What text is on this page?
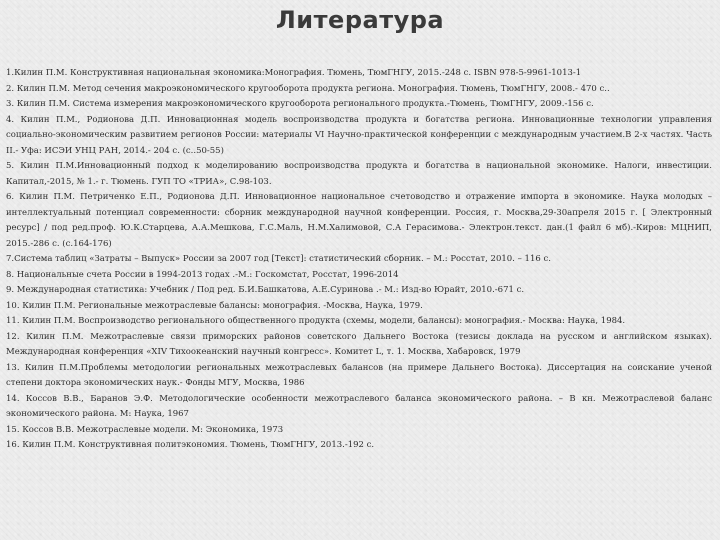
Литература

1.Килин П.М. Конструктивная национальная экономика:Монография. Тюмень, ТюмГНГУ, 2015.-248 с. ISBN 978-5-9961-1013-1

2. Килин П.М. Метод сечения макроэкономического кругооборота продукта региона. Монография. Тюмень, ТюмГНГУ, 2008.- 470 с..

3. Килин П.М. Система измерения макроэкономического кругооборота регионального продукта.-Тюмень, ТюмГНГУ, 2009.-156 с.

4. Килин П.М., Родионова Д.П. Инновационная модель воспроизводства продукта и богатства региона. Инновационные технологии управления социально-экономическим развитием регионов России: материалы VI Научно-практической конференции с международным участием.В 2-х частях. Часть II.- Уфа: ИСЭИ УНЦ РАН, 2014.- 204 с. (с..50-55)

5. Килин П.М.Инновационный подход к моделированию воспроизводства продукта и богатства в национальной экономике. Налоги, инвестиции. Капитал,-2015, № 1.- г. Тюмень. ГУП ТО «ТРИА», С.98-103.

6. Килин П.М. Петриченко Е.П., Родионова Д.П. Инновационное национальное счетоводство и отражение импорта в экономике. Наука молодых – интеллектуальный потенциал современности: сборник международной научной конференции. Россия, г. Москва,29-30апреля 2015 г. [ Электронный ресурс] / под ред.проф. Ю.К.Старцева, А.А.Мешкова, Г.С.Маль, Н.М.Халимовой, С.А Герасимова.- Электрон.текст. дан.(1 файл 6 мб).-Киров: МЦНИП, 2015.-286 с. (с.164-176)

7.Система таблиц «Затраты – Выпуск» России за 2007 год [Текст]: статистический сборник. – М.: Росстат, 2010. – 116 с.

8. Национальные счета России в 1994-2013 годах .-М.: Госкомстат, Росстат, 1996-2014

9. Международная статистика: Учебник / Под ред. Б.И.Башкатова, А.Е.Суринова .- М.: Изд-во Юрайт, 2010.-671 с.

10. Килин П.М. Региональные межотраслевые балансы: монография. -Москва, Наука, 1979.

11. Килин П.М. Воспроизводство регионального общественного продукта (схемы, модели, балансы): монография.- Москва: Наука, 1984.

12. Килин П.М. Межотраслевые связи приморских районов советского Дальнего Востока (тезисы доклада на русском и английском языках). Международная конференция «XIV Тихоокеанский научный конгресс». Комитет L, т. 1. Москва, Хабаровск, 1979

13. Килин П.М.Проблемы методологии региональных межотраслевых балансов (на примере Дальнего Востока). Диссертация на соискание ученой степени доктора экономических наук.- Фонды МГУ, Москва, 1986

14. Коссов В.В., Баранов Э.Ф. Методологические особенности межотраслевого баланса экономического района. – В кн. Межотраслевой баланс экономического района. М: Наука, 1967

15. Коссов В.В. Межотраслевые модели. М: Экономика, 1973

16. Килин П.М. Конструктивная политэкономия. Тюмень, ТюмГНГУ, 2013.-192 с.
